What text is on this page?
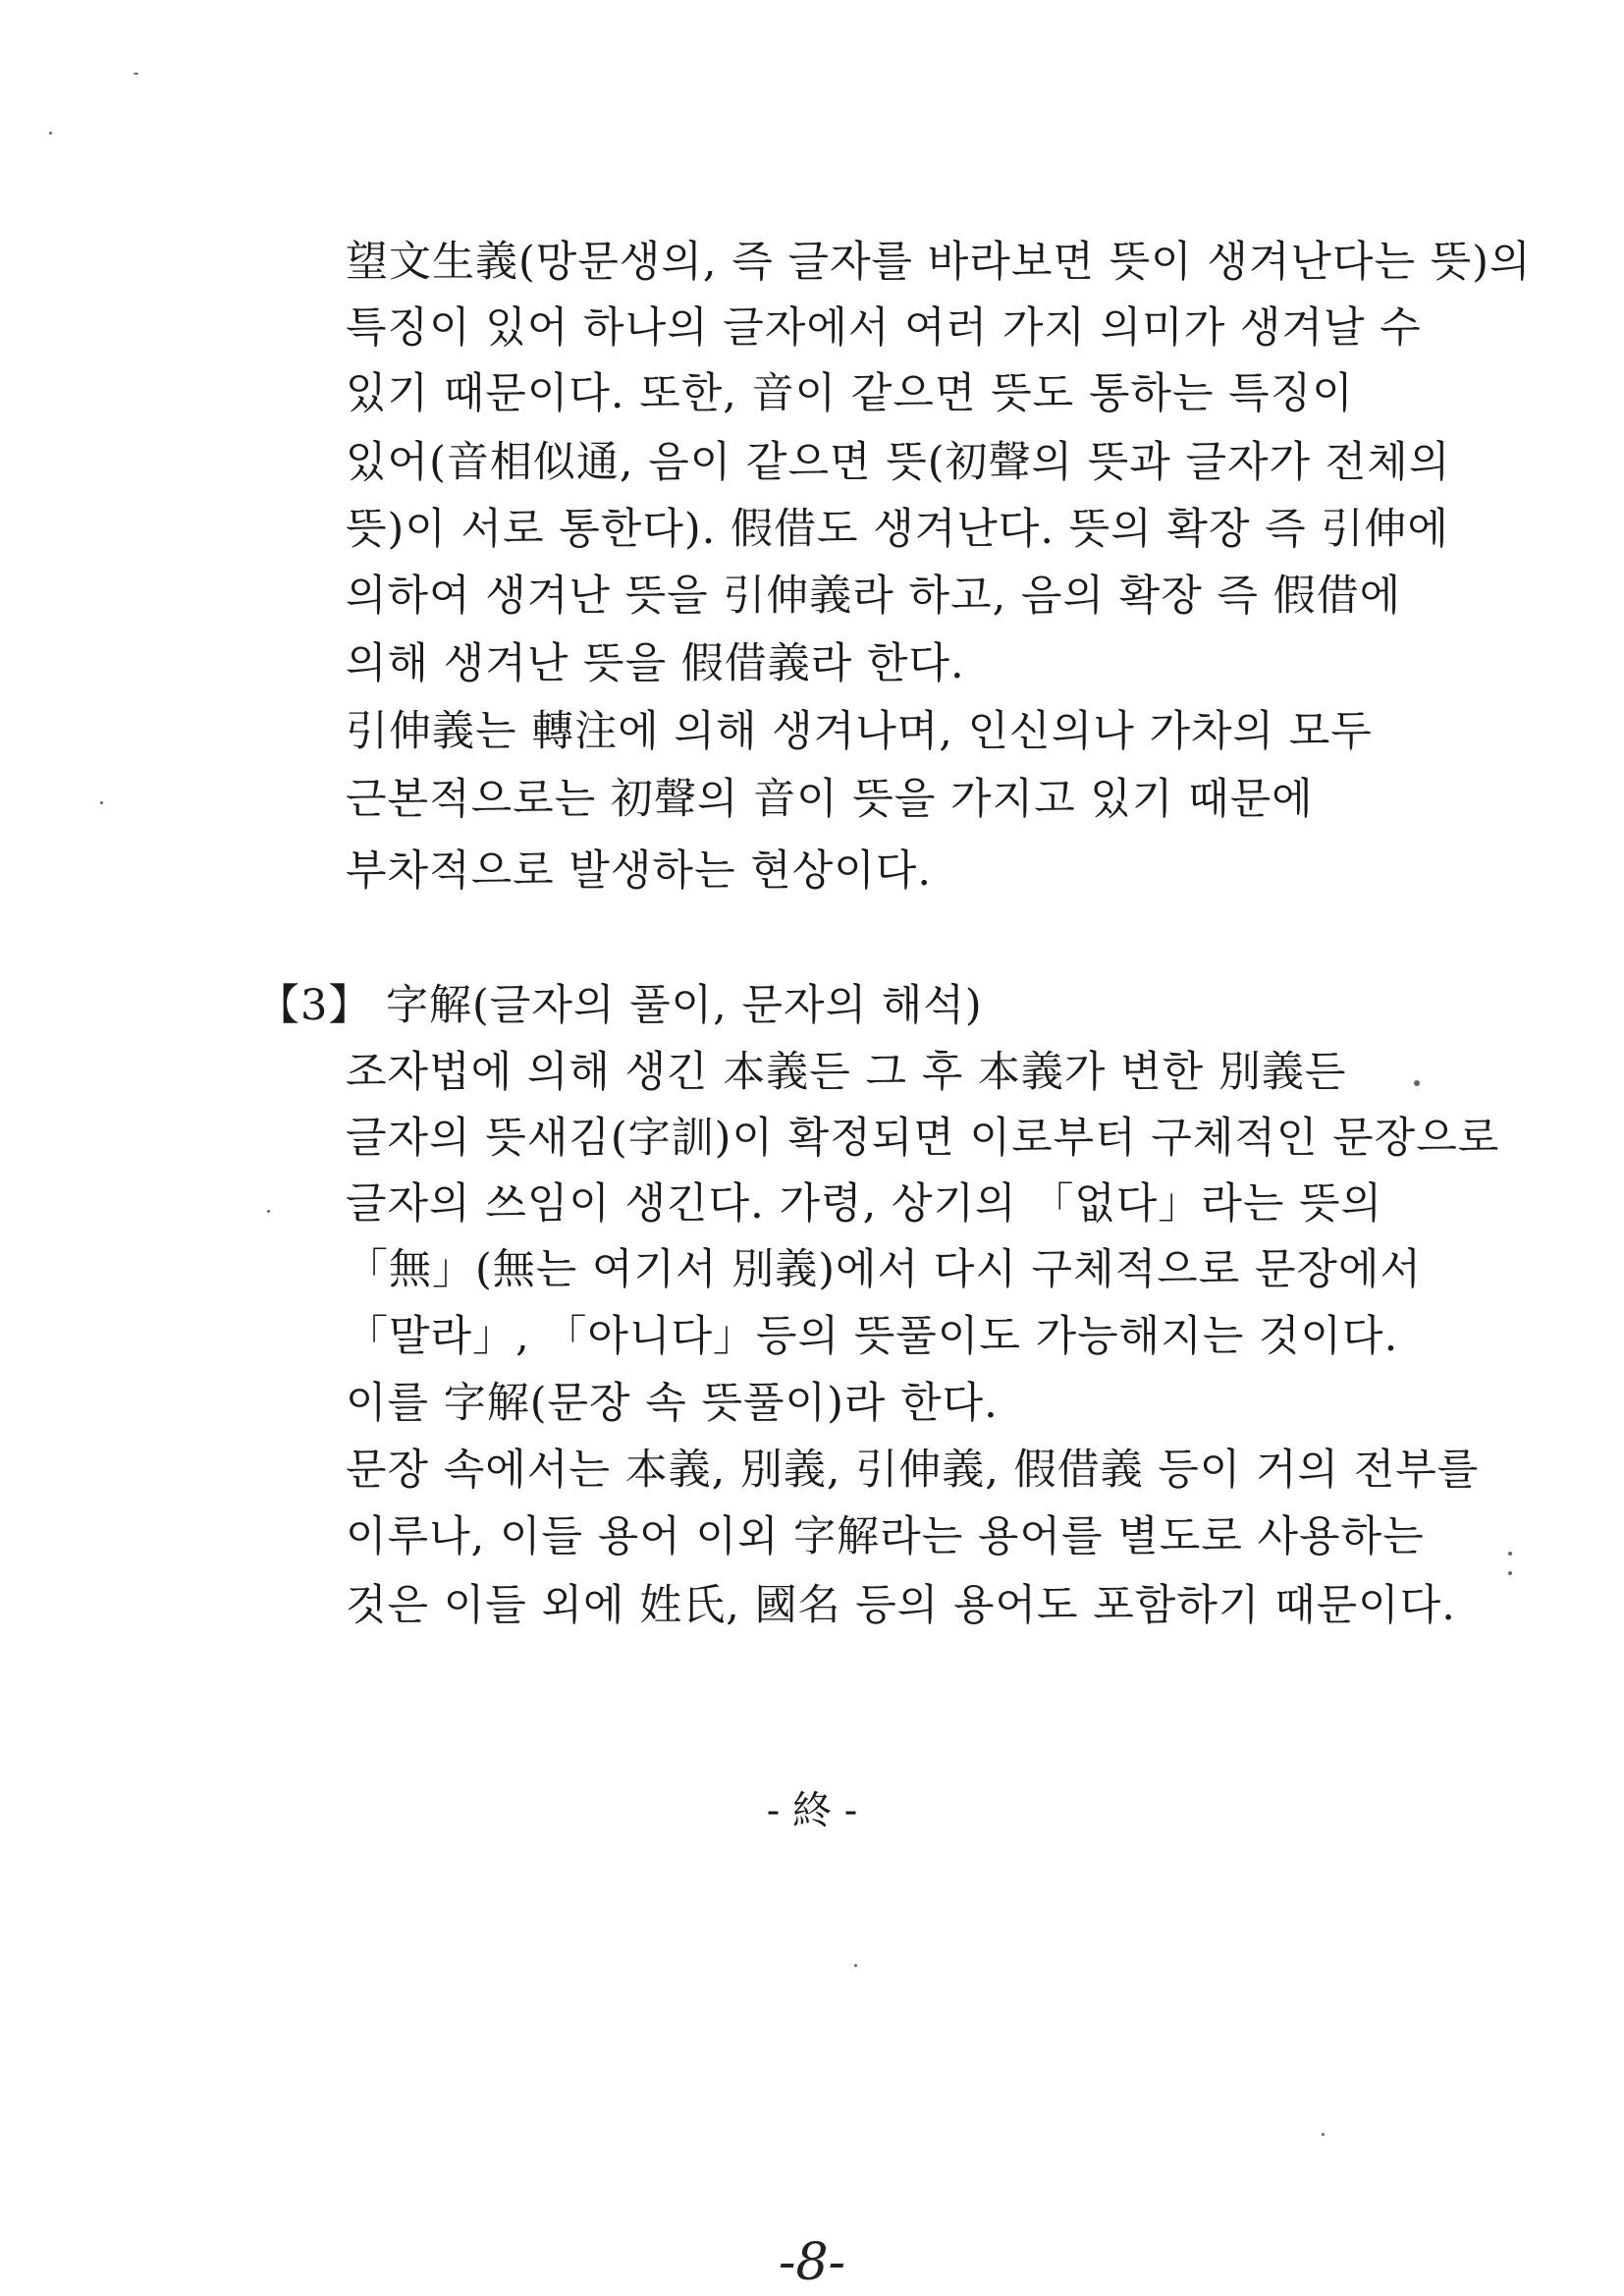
望文生義(망문생의, 즉 글자를 바라보면 뜻이 생겨난다는 뜻)의
특징이 있어 하나의 글자에서 여러 가지 의미가 생겨날 수
있기 때문이다. 또한, 音이 같으면 뜻도 통하는 특징이
있어(音相似通, 음이 같으면 뜻(初聲의 뜻과 글자가 전체의
뜻)이 서로 통한다). 假借도 생겨난다. 뜻의 확장 즉 引伸에
의하여 생겨난 뜻을 引伸義라 하고, 음의 확장 즉 假借에
의해 생겨난 뜻을 假借義라 한다.
引伸義는 轉注에 의해 생겨나며, 인신의나 가차의 모두
근본적으로는 初聲의 音이 뜻을 가지고 있기 때문에
부차적으로 발생하는 현상이다.
【3】 字解(글자의 풀이, 문자의 해석)
조자법에 의해 생긴 本義든 그 후 本義가 변한 別義든
글자의 뜻새김(字訓)이 확정되면 이로부터 구체적인 문장으로
글자의 쓰임이 생긴다. 가령, 상기의 「없다」라는 뜻의
「無」(無는 여기서 別義)에서 다시 구체적으로 문장에서
「말라」, 「아니다」등의 뜻풀이도 가능해지는 것이다.
이를 字解(문장 속 뜻풀이)라 한다.
문장 속에서는 本義, 別義, 引伸義, 假借義 등이 거의 전부를
이루나, 이들 용어 이외 字解라는 용어를 별도로 사용하는
것은 이들 외에 姓氏, 國名 등의 용어도 포함하기 때문이다.
- 終 -
-8-
